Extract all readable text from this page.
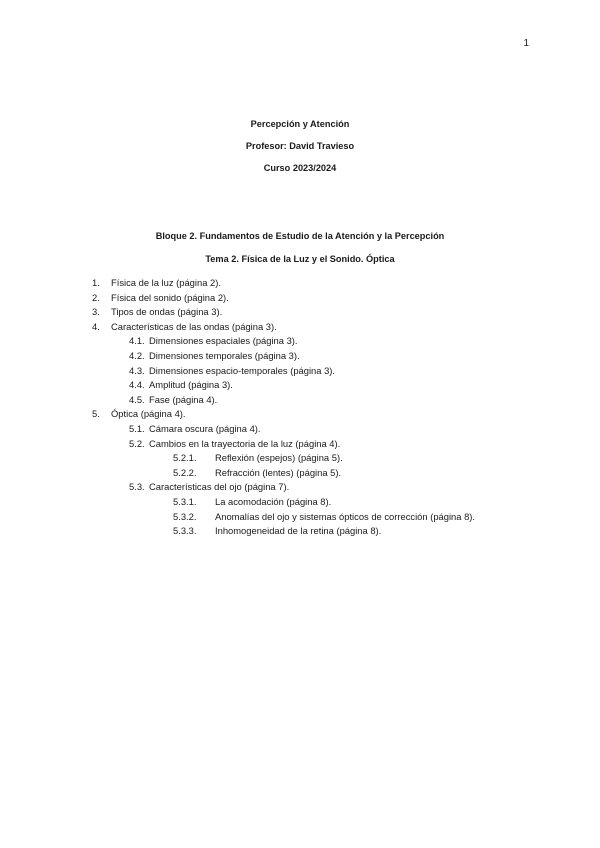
1
Percepción y Atención
Profesor: David Travieso
Curso 2023/2024
Bloque 2. Fundamentos de Estudio de la Atención y la Percepción
Tema 2. Física de la Luz y el Sonido. Óptica
1. Física de la luz (página 2).
2. Física del sonido (página 2).
3. Tipos de ondas (página 3).
4. Características de las ondas (página 3).
4.1. Dimensiones espaciales (página 3).
4.2. Dimensiones temporales (página 3).
4.3. Dimensiones espacio-temporales (página 3).
4.4. Amplitud (página 3).
4.5. Fase (página 4).
5. Óptica (página 4).
5.1. Cámara oscura (página 4).
5.2. Cambios en la trayectoria de la luz (página 4).
5.2.1. Reflexión (espejos) (página 5).
5.2.2. Refracción (lentes) (página 5).
5.3. Características del ojo (página 7).
5.3.1. La acomodación (página 8).
5.3.2. Anomalías del ojo y sistemas ópticos de corrección (página 8).
5.3.3. Inhomogeneidad de la retina (página 8).
